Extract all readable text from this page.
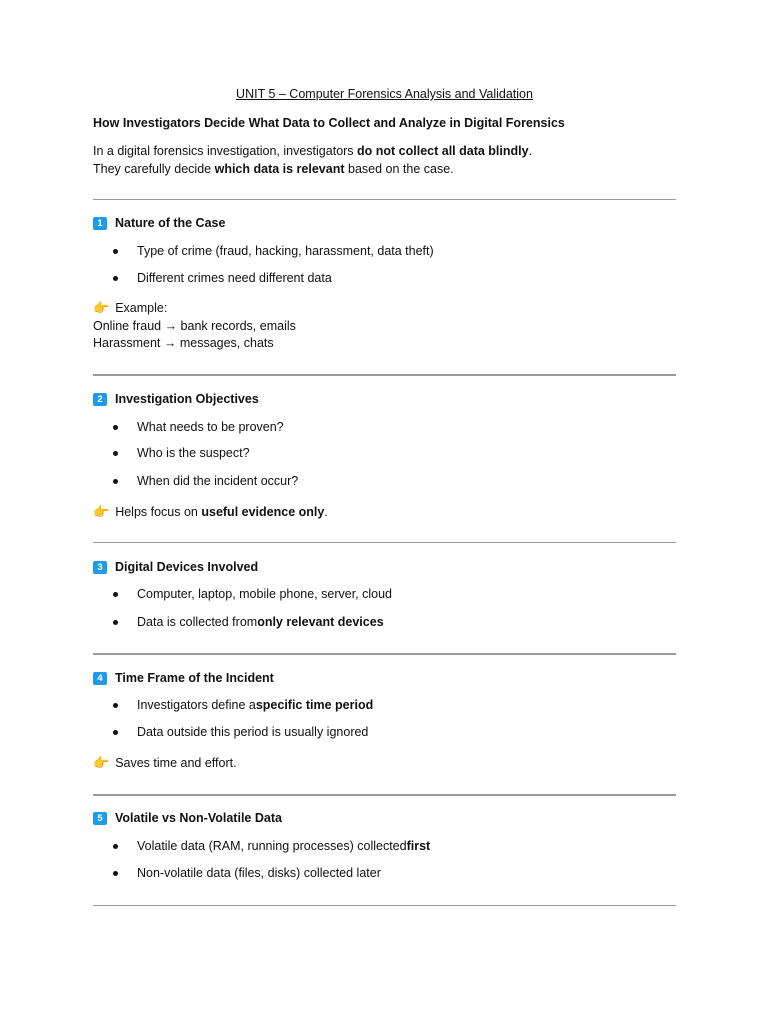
UNIT 5 – Computer Forensics Analysis and Validation
How Investigators Decide What Data to Collect and Analyze in Digital Forensics
In a digital forensics investigation, investigators do not collect all data blindly.
They carefully decide which data is relevant based on the case.
1 Nature of the Case
Type of crime (fraud, hacking, harassment, data theft)
Different crimes need different data
👉 Example:
Online fraud → bank records, emails
Harassment → messages, chats
2 Investigation Objectives
What needs to be proven?
Who is the suspect?
When did the incident occur?
👉 Helps focus on useful evidence only.
3 Digital Devices Involved
Computer, laptop, mobile phone, server, cloud
Data is collected from only relevant devices
4 Time Frame of the Incident
Investigators define a specific time period
Data outside this period is usually ignored
👉 Saves time and effort.
5 Volatile vs Non-Volatile Data
Volatile data (RAM, running processes) collected first
Non-volatile data (files, disks) collected later
